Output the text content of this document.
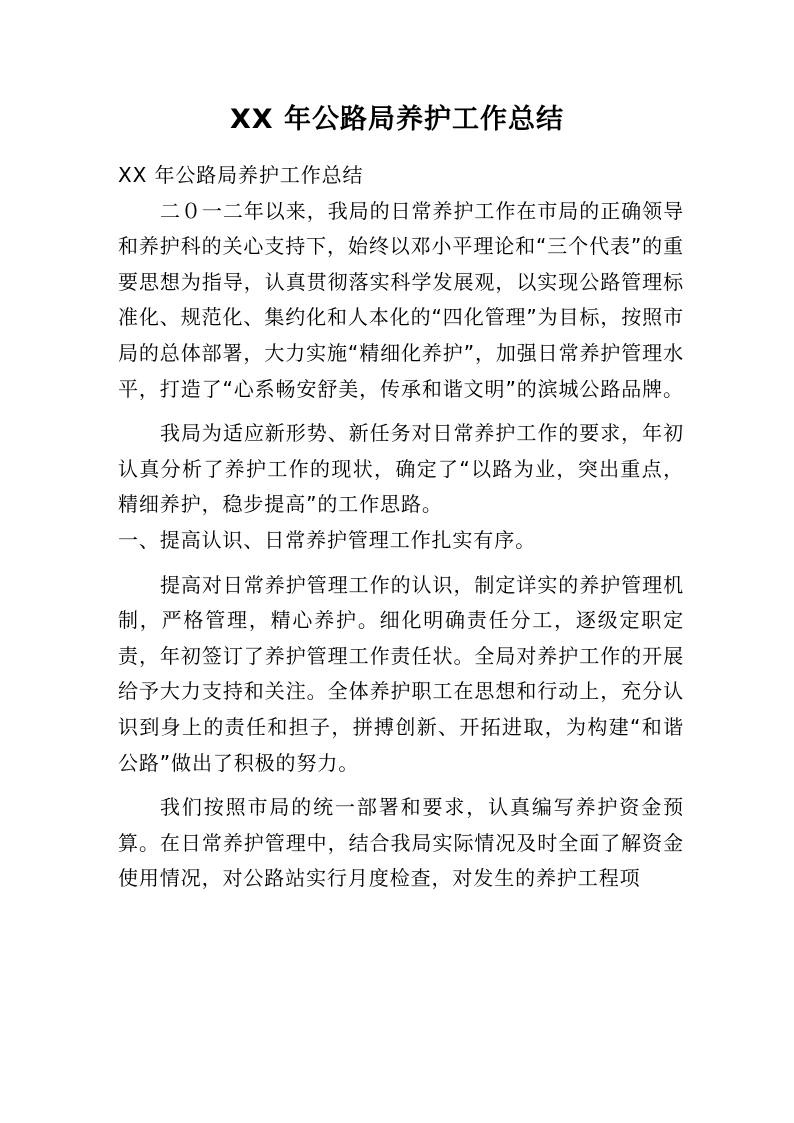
XX 年公路局养护工作总结

XX 年公路局养护工作总结

二０一二年以来，我局的日常养护工作在市局的正确领导和养护科的关心支持下，始终以邓小平理论和“三个代表”的重要思想为指导，认真贯彻落实科学发展观，以实现公路管理标准化、规范化、集约化和人本化的“四化管理”为目标，按照市局的总体部署，大力实施“精细化养护”，加强日常养护管理水平，打造了“心系畅安舒美，传承和谐文明”的滨城公路品牌。

我局为适应新形势、新任务对日常养护工作的要求，年初认真分析了养护工作的现状，确定了“以路为业，突出重点，精细养护，稳步提高”的工作思路。

一、提高认识、日常养护管理工作扎实有序。

提高对日常养护管理工作的认识，制定详实的养护管理机制，严格管理，精心养护。细化明确责任分工，逐级定职定责，年初签订了养护管理工作责任状。全局对养护工作的开展给予大力支持和关注。全体养护职工在思想和行动上，充分认识到身上的责任和担子，拼搏创新、开拓进取，为构建“和谐公路”做出了积极的努力。

我们按照市局的统一部署和要求，认真编写养护资金预算。在日常养护管理中，结合我局实际情况及时全面了解资金使用情况，对公路站实行月度检查，对发生的养护工程项
